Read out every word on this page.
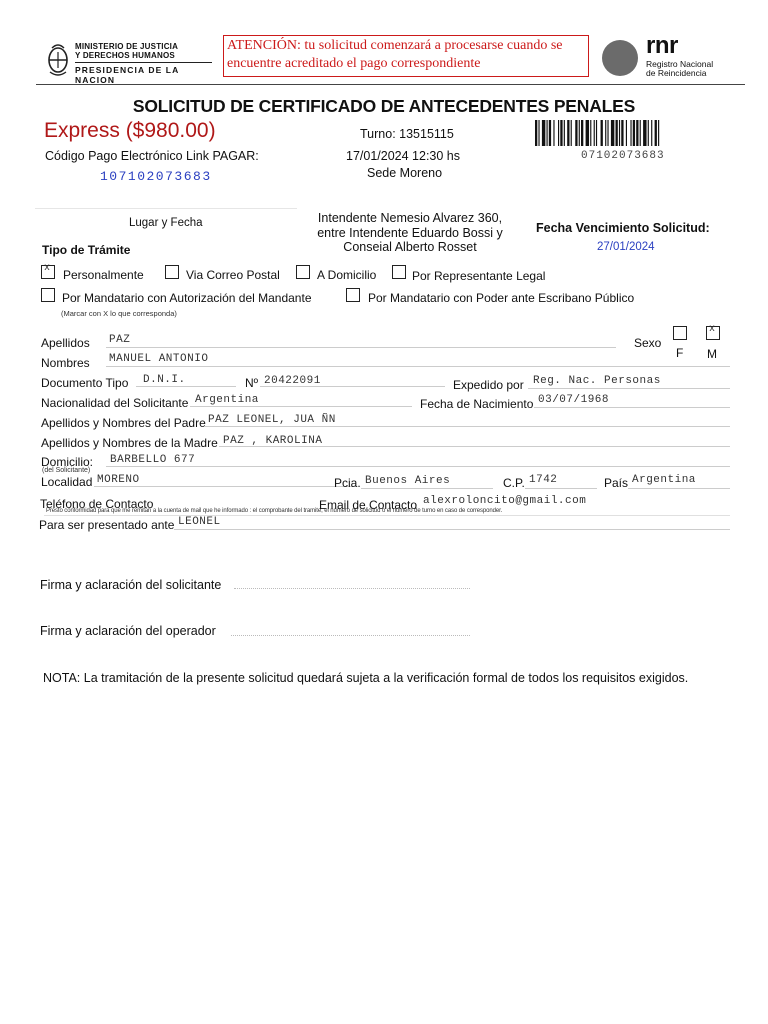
MINISTERIO DE JUSTICIA
Y DERECHOS HUMANOS
PRESIDENCIA DE LA NACION
ATENCIÓN: tu solicitud comenzará a procesarse cuando se encuentre acreditado el pago correspondiente
rnr
Registro Nacional
de Reincidencia
SOLICITUD DE CERTIFICADO DE ANTECEDENTES PENALES
Express ($980.00)	Turno: 13515115
Código Pago Electrónico Link PAGAR:
107102073683
17/01/2024 12:30 hs
Sede Moreno
07102073683
Lugar y Fecha	Intendente Nemesio Alvarez 360, entre Intendente Eduardo Bossi y Conseial Alberto Rosset
Fecha Vencimiento Solicitud:
27/01/2024
Tipo de Trámite
x
Personalmente	Via Correo Postal	A Domicilio	Por Representante Legal
Por Mandatario con Autorización del Mandante	Por Mandatario con Poder ante Escribano Público
(Marcar con X lo que corresponda)
Apellidos PAZ	Sexo
x
F M
Nombres MANUEL ANTONIO
Documento Tipo D.N.I.	Nº 20422091	Expedido por Reg. Nac. Personas
Nacionalidad del Solicitante Argentina	Fecha de Nacimiento 03/07/1968
Apellidos y Nombres del Padre PAZ LEONEL, JUA ÑN
Apellidos y Nombres de la Madre PAZ , KAROLINA
Domicilio:
(del Solicitante)
BARBELLO 677
Localidad MORENO	Pcia. Buenos Aires	C.P. 1742	País Argentina
Teléfono de Contacto	Email de Contacto alexroloncito@gmail.com
Presto conformidad para que me remitan a la cuenta de mail que he informado : el comprobante del tramite, el número de solicitud o el número de turno en caso de corresponder.
Para ser presentado ante LEONEL
Firma y aclaración del solicitante
Firma y aclaración del operador
NOTA: La tramitación de la presente solicitud quedará sujeta a la verificación formal de todos los requisitos exigidos.
